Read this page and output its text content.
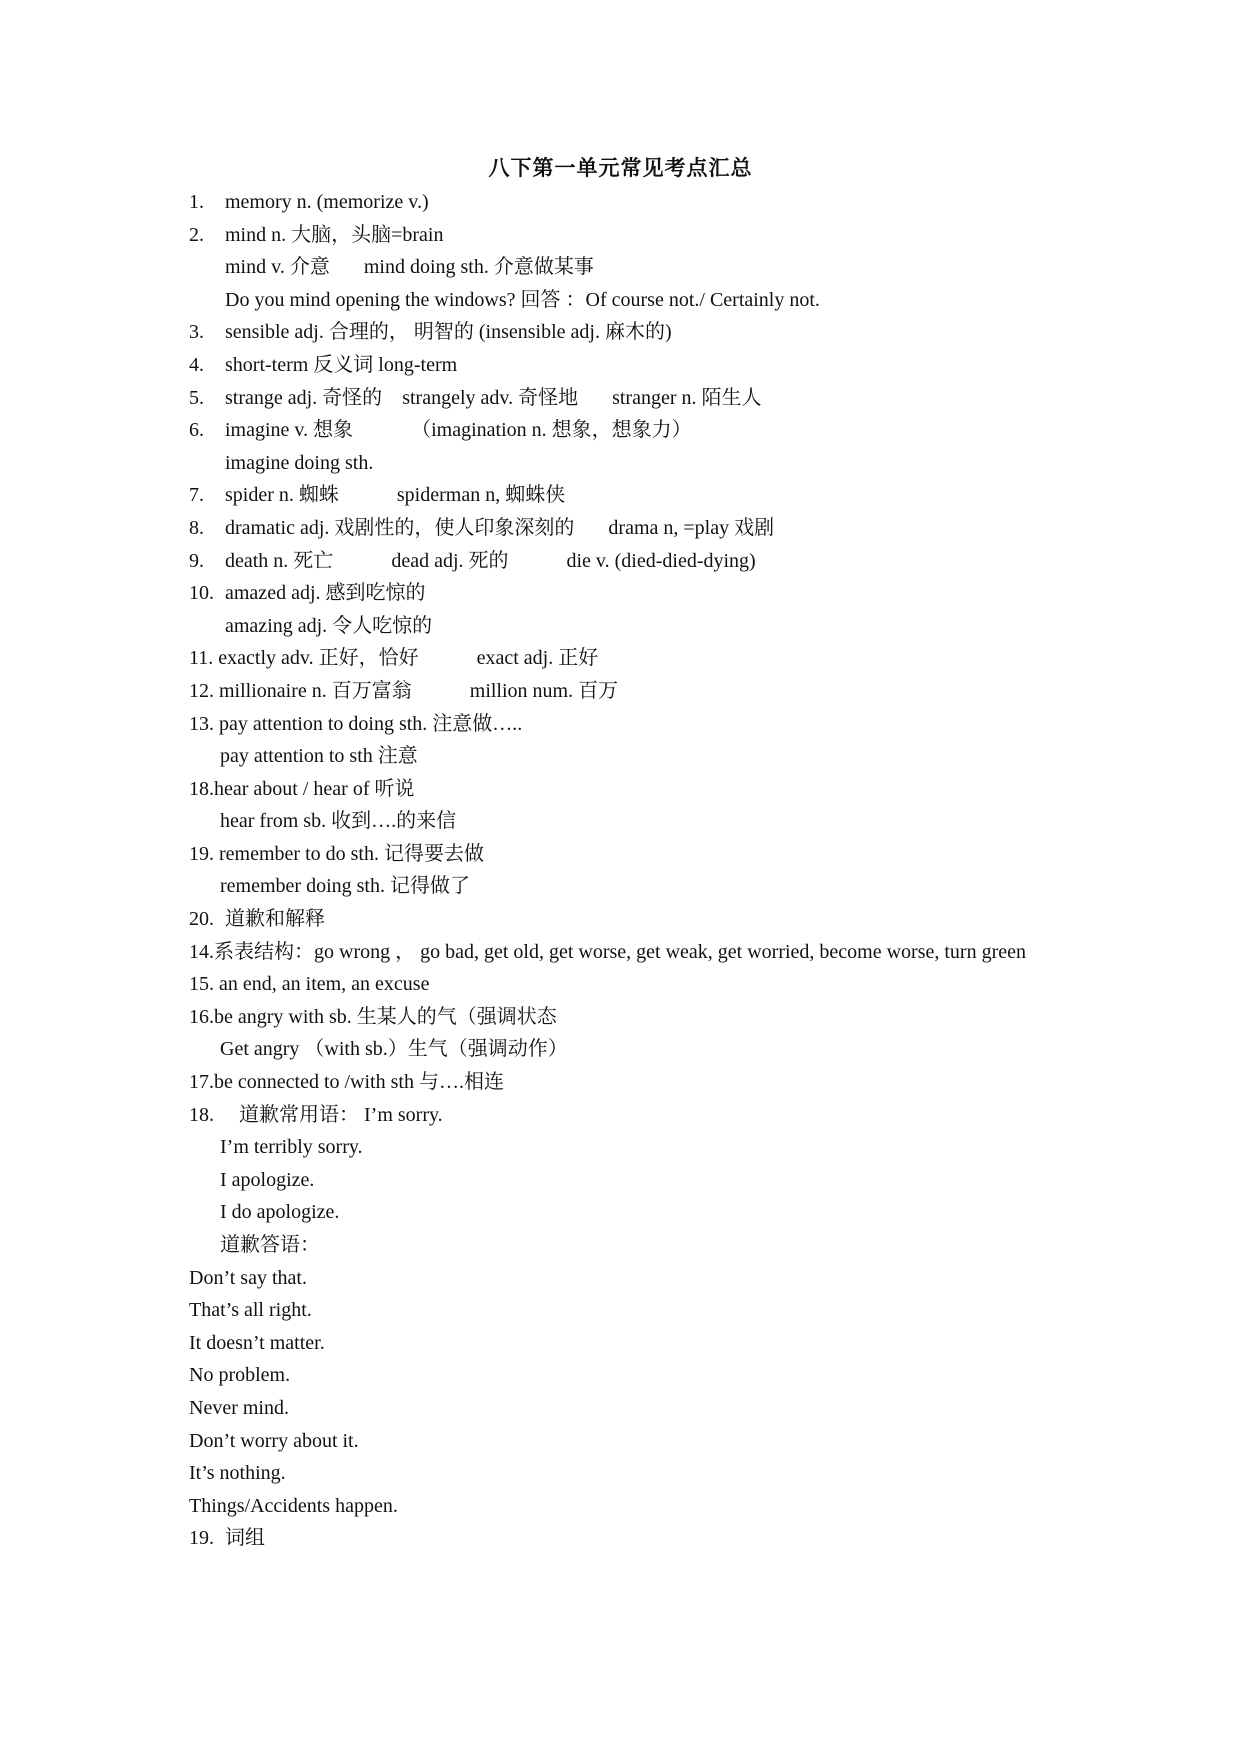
八下第一单元常见考点汇总
1. memory n. (memorize v.)
2. mind n. 大脑，头脑=brain
mind v. 介意 mind doing sth. 介意做某事
Do you mind opening the windows? 回答 ：Of course not./ Certainly not.
3. sensible adj. 合理的， 明智的 (insensible adj. 麻木的)
4. short-term 反义词 long-term
5. strange adj. 奇怪的 strangely adv. 奇怪地 stranger n. 陌生人
6. imagine v. 想象	（imagination n. 想象，想象力）
imagine doing sth.
7. spider n. 蜘蛛	spiderman n, 蜘蛛侠
8. dramatic adj. 戏剧性的，使人印象深刻的 drama n, =play 戏剧
9. death n. 死亡	dead adj. 死的	die v. (died-died-dying)
10. amazed adj. 感到吃惊的
amazing adj. 令人吃惊的
11. exactly adv. 正好，恰好	exact adj. 正好
12. millionaire n. 百万富翁	million num. 百万
13. pay attention to doing sth. 注意做…..
pay attention to sth 注意
18.hear about / hear of 听说
hear from sb. 收到….的来信
19. remember to do sth. 记得要去做
remember doing sth. 记得做了
20. 道歉和解释
14.系表结构：go wrong ， go bad, get old, get worse, get weak, get worried, become worse, turn green
15. an end, an item, an excuse
16.be angry with sb. 生某人的气（强调状态
Get angry （with sb.）生气（强调动作）
17.be connected to /with sth 与….相连
18. 道歉常用语： I’m sorry.
I’m terribly sorry.
I apologize.
I do apologize.
道歉答语：
Don’t say that.
That’s all right.
It doesn’t matter.
No problem.
Never mind.
Don’t worry about it.
It’s nothing.
Things/Accidents happen.
19. 词组
